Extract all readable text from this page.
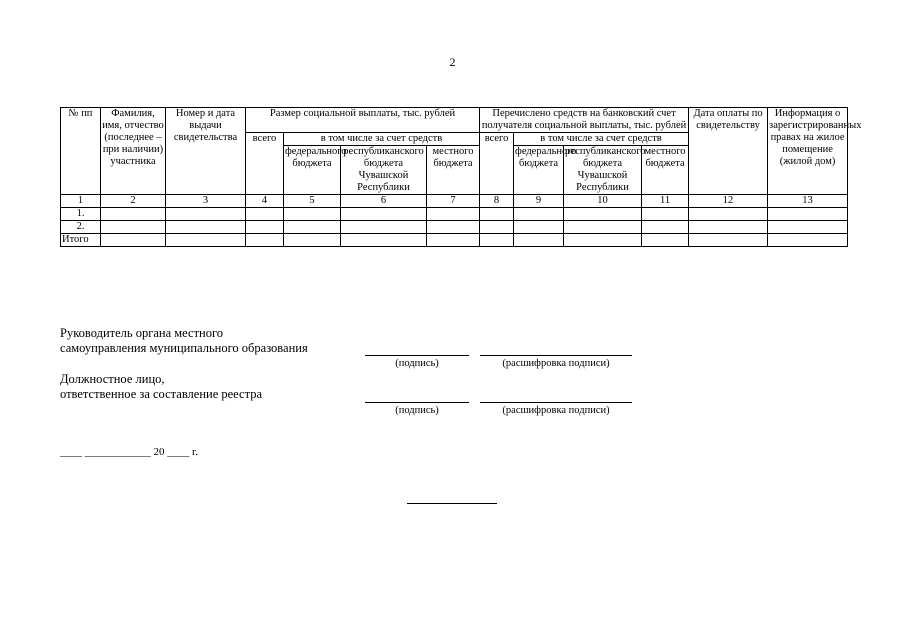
2
№ пп	Фамилия, имя, отчество (последнее – при наличии) участника	Номер и дата выдачи свидетельства	Размер социальной выплаты, тыс. рублей				Перечислено средств на банковский счет получателя социальной выплаты, тыс. рублей				Дата оплаты по свидетельству	Информация о зарегистрированных правах на жилое помещение (жилой дом)
			всего	в том числе за счет средств			всего	в том числе за счет средств				
				федерального бюджета	республиканского бюджета Чувашской Республики	местного бюджета		федерального бюджета	республиканского бюджета Чувашской Республики	местного бюджета		
1	2	3	4	5	6	7	8	9	10	11	12	13
1.												
2.												
Итого												
Руководитель органа местного
самоуправления муниципального образования
(подпись)	(расшифровка подписи)
Должностное лицо,
ответственное за составление реестра
(подпись)	(расшифровка подписи)
____ ____________ 20 ____ г.
